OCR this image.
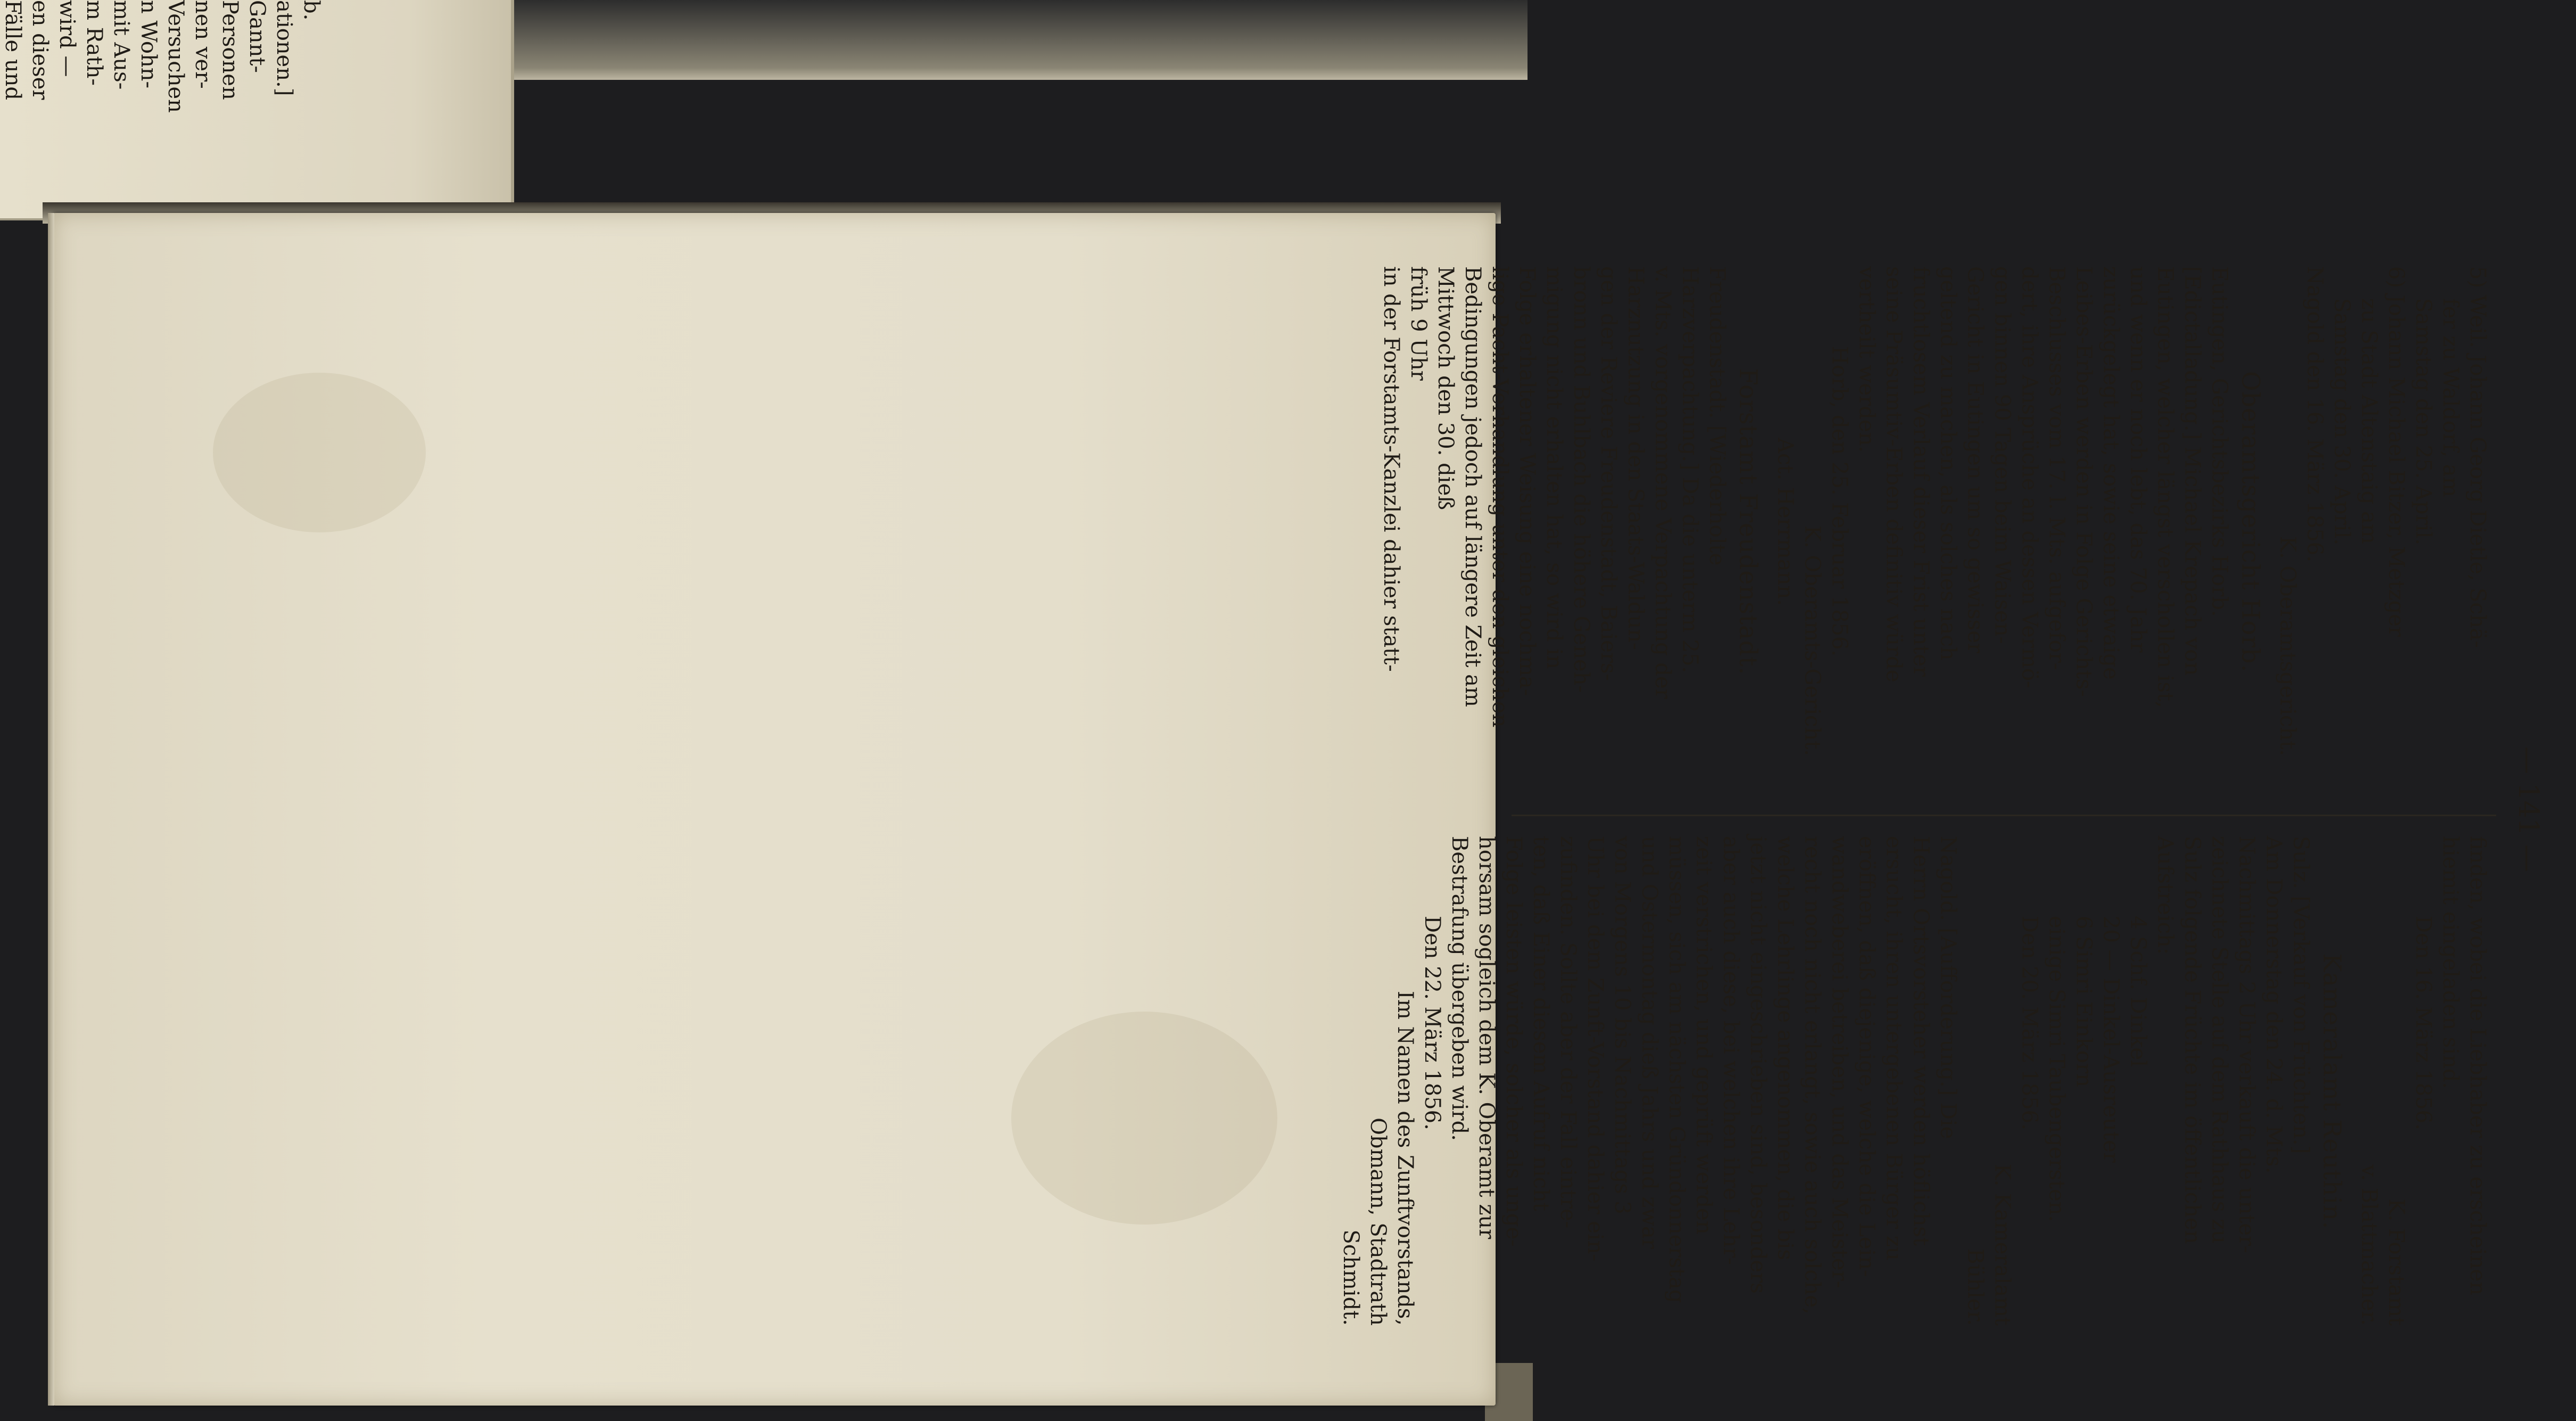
b.
ationen.]
Gannt-
Personen
nen ver-
Versuchen
n Wohn-
mit Aus-
m Rath-
wird —
en dieser
Fälle und
— 141 —
5) Weil. Johann Georg Dietle, Schä-
fer zu Waldorf, am
Samstag den 25. April.
6) Johann Michael Bitzer, Metzger
zu Stadt Altenstaig am
Samstag den 30. April.
Nagold den 16. März 1856.
K. Oberamtsgericht.
Oberamtsgericht Horb.
Eutingen, Gerichtsbezirks Horb.
[Edictalladung.] Michael Krepach von
Eutingen, welcher längst verschollen ist,
und wenn er noch lebt, das 70. Jahr
zurückgelegt hat, sowie seine etwaige
Leibes-Erben werden in Folge Gerichts-
Beschlusses vom 17. l. Mts. aufgefor-
dert, ihre Ansprüche an dessen Vermö-
gen binnen 90 Tagen beim Waisen-
Gericht in Eutingen um so gewisser
geltend zu machen, als solches nach
fruchtlosem Verlauf dieser Frist unter
seine Präsumtiv-Erben definitiv würde
vertheilt werden.
Horb, den 25. Februar 1856.
K. Oberamts-Gericht.
Act. Herrmann.
Forstamt Freudenstadt.
Freudenstadt. [Wiederholte
Harzverpachtung.] Da die unterm 25.
v. Mts. vorgenommene Verpachtung der
Harznutzung in den Staats-Waldun-
gen der Reviere Freudenstadt, Baiers-
bronn und Buhlbach die höhere Geneh-
migung nicht erhalten hat, so wird in
Folge erhaltener Weisung eine nochma-
lige Pacht-Verhandlung unter den gleichen
Bedingungen jedoch auf längere Zeit am
Mittwoch den 30. dieß
früh 9 Uhr
in der Forstamts-Kanzlei dahier statt-
finden, wobei die Liebhaber zu erscheinen
hiemit eingeladen sind.
Den 16. März 1856.
K. Forstamt
v. Blattmacher.
Kameralamt Reuthin.
Sulz. [Verkauf von Früchten.]
Am Donnerstag den 24. d. Mts.
Nachmittags 2 Uhr verkauft die unter-
zeichnete Stelle auf dem Rathhaus zu
Sulz folgende Früchte im öffentlichen
Aufstreich:
4 Schf. Dinkel
20 — Dinkel-Ausreuter
6 Simri Einkorn
einige Simri Taubengersten.
Den 20. März 1856.
K. Kameralamt
Bühler.
Nagold. [Aufforderung.] Die
Herrn Ortsvorsteher werden höflichst
ersucht, ihren untergebenen Bürger zu
eröffnen, daß diejenige, welche die Lein-
wandweberei betreiben, und das Meister-
recht noch nicht erlangt, sowie auch solche,
welche Lehrlinge angenommen, die bis
jetzt nicht eingeschrieben sind, besonders
aber auch diese, bei welchen ihre Lehr-
zeit verstrichen, und geprüft werden
müssen, sich am nächsten Gründonnerstag
und Ostermontag dieß Jahrs und zwar
von Morgens 10 bis Nachmittags 3
Uhr bei dem Zunft-Vorstand dahier ein-
zufinden. Sollte aber der Fall eintre-
ten, daß Einer diesem Aufruf nicht
Folge leisten würde, solcher als unge-
horsam sogleich dem K. Oberamt zur
Bestrafung übergeben wird.
Den 22. März 1856.
Im Namen des Zunftvorstands,
Obmann, Stadtrath
Schmidt.
